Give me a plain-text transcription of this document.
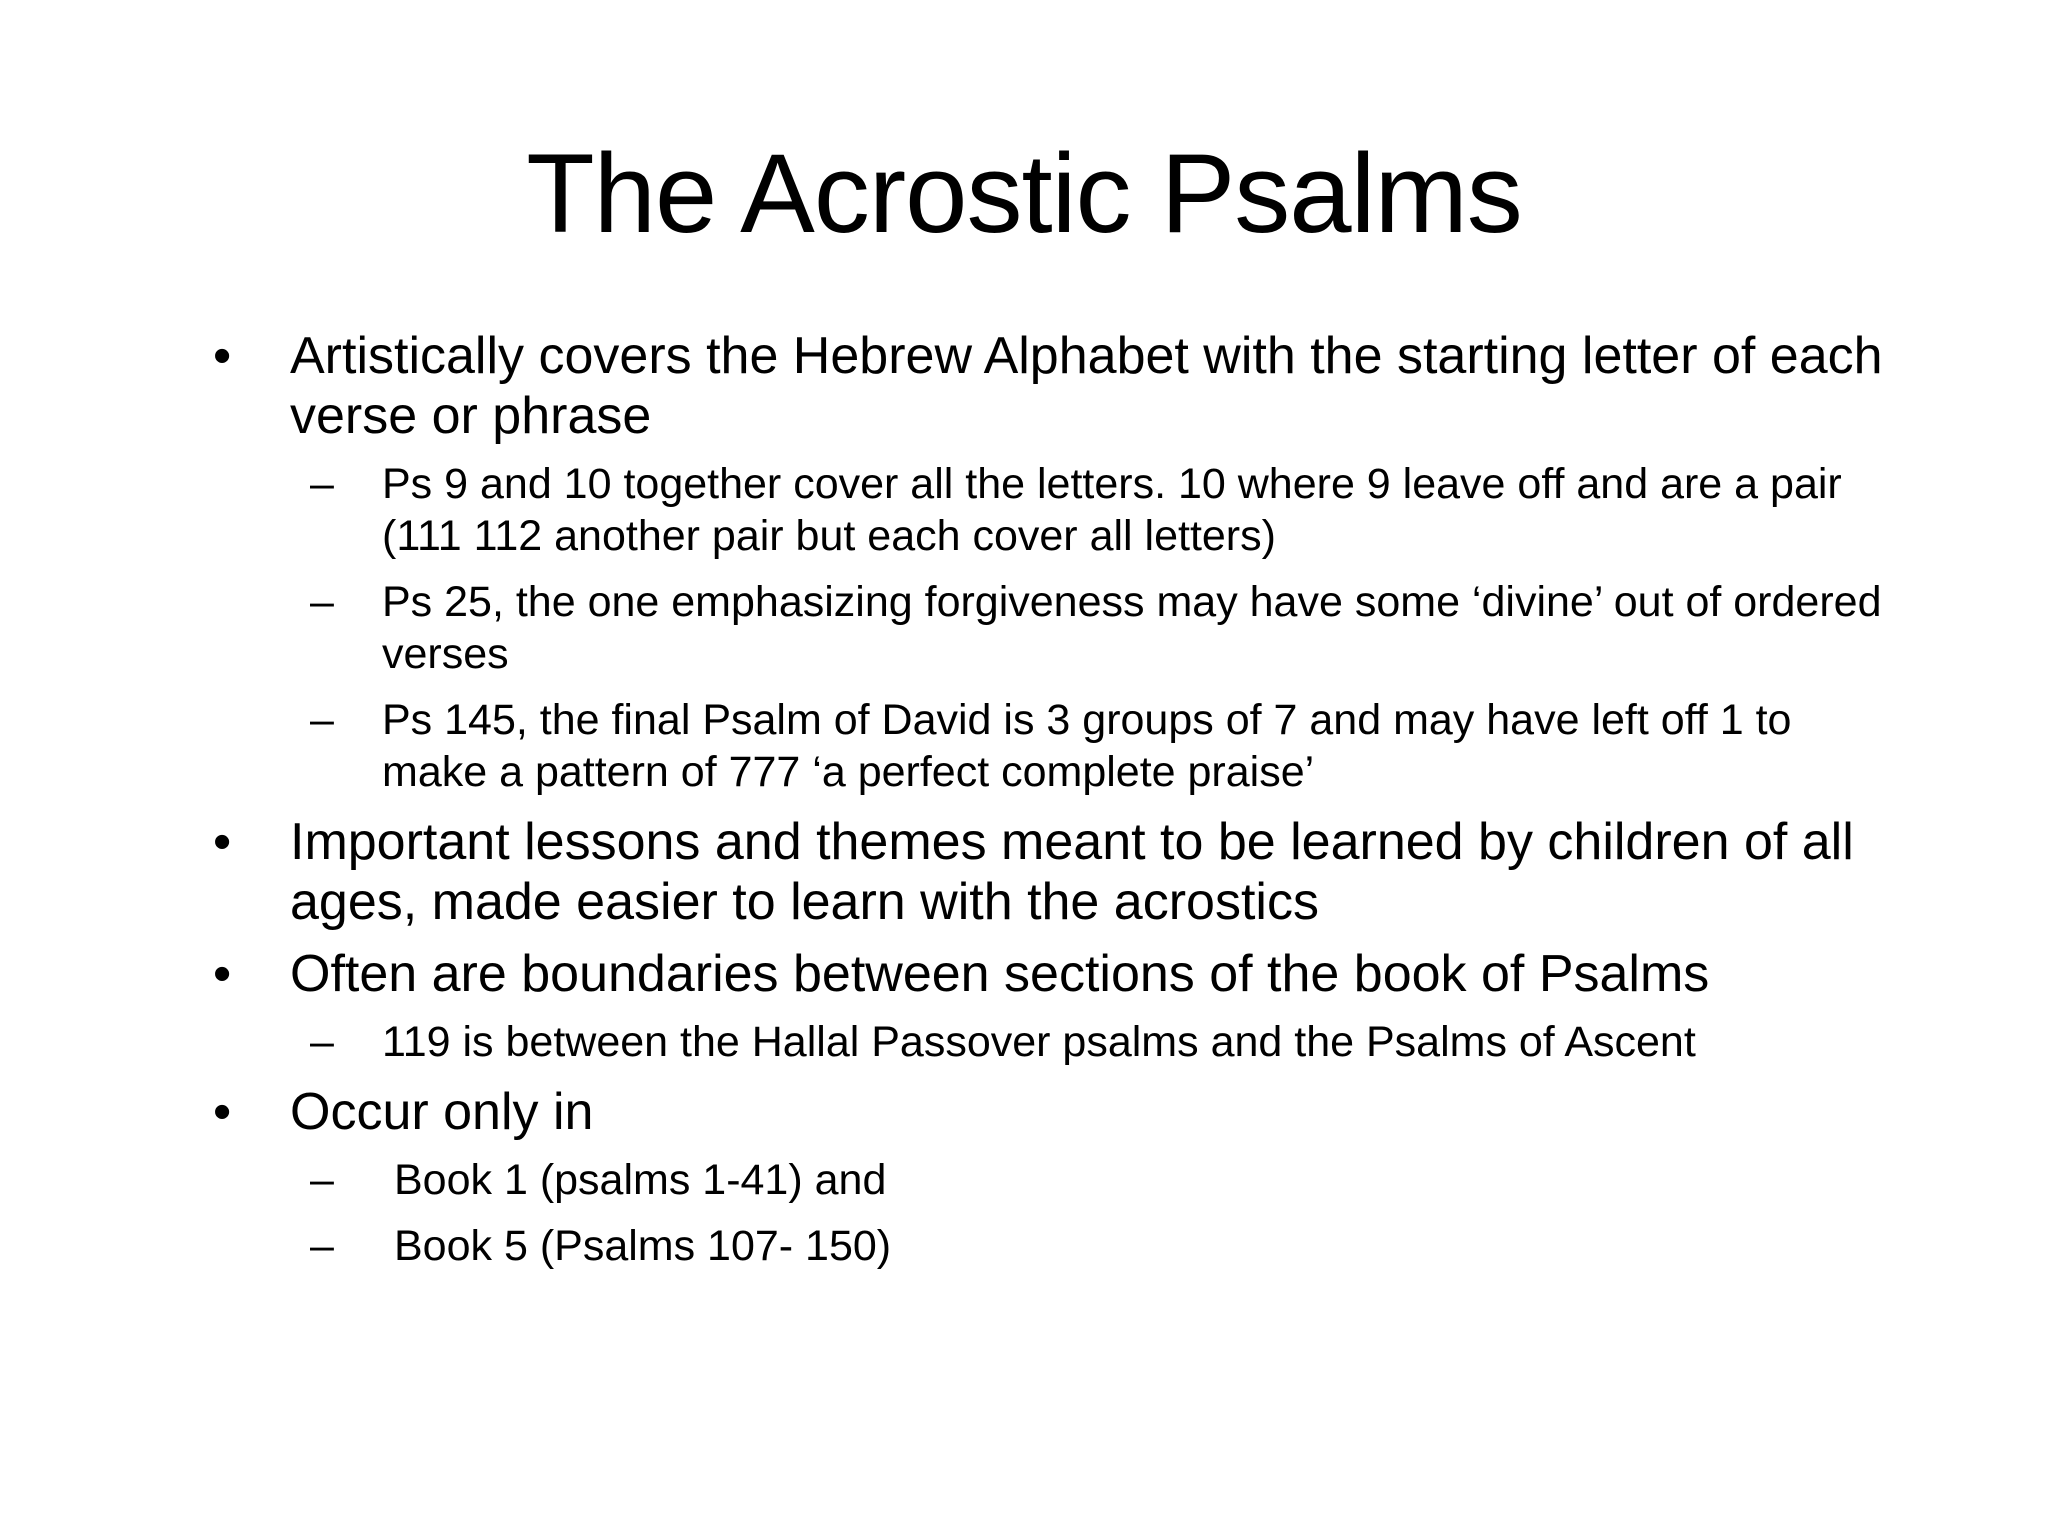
The Acrostic Psalms
•	Artistically covers the Hebrew Alphabet with the starting letter of each verse or phrase
–	Ps 9 and 10 together cover all the letters. 10 where 9 leave off and are a pair (111 112 another pair but each cover all letters)
–	Ps 25, the one emphasizing forgiveness may have some ‘divine’ out of ordered verses
–	Ps 145, the final Psalm of David is 3 groups of 7 and may have left off 1 to make a pattern of 777 ‘a perfect complete praise’
•	Important lessons and themes meant to be learned by children of all ages, made easier to learn with the acrostics
•	Often are boundaries between sections of the book of Psalms
–	119 is between the Hallal Passover psalms and the Psalms of Ascent
•	Occur only in
–	Book 1 (psalms 1-41) and
–	Book 5 (Psalms 107- 150)
